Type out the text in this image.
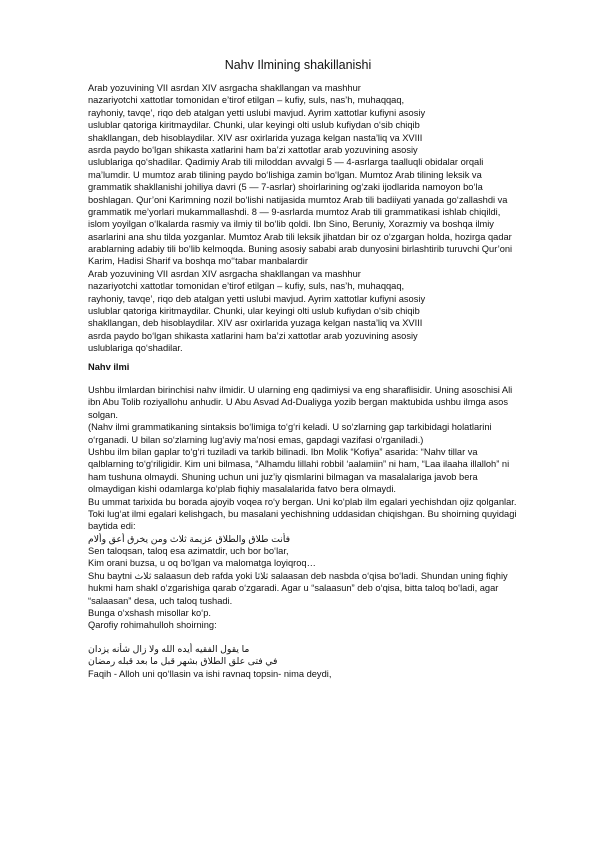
Nahv Ilmining shakillanishi
Arab yozuvining VII asrdan XIV asrgacha shakllangan va mashhur
nazariyotchi xattotlar tomonidan e’tirof etilgan – kufiy, suls, nas’h, muhaqqaq,
rayhoniy, tavqe’, riqo deb atalgan yetti uslubi mavjud. Ayrim xattotlar kufiyni asosiy
uslublar qatoriga kiritmaydilar. Chunki, ular keyingi olti uslub kufiydan o‘sib chiqib
shakllangan, deb hisoblaydilar. XIV asr oxirlarida yuzaga kelgan nasta’liq va XVIII
asrda paydo bo‘lgan shikasta xatlarini ham ba’zi xattotlar arab yozuvining asosiy
uslublariga qo‘shadilar. Qadimiy Arab tili miloddan avvalgi 5 — 4-asrlarga taalluqli obidalar orqali
ma’lumdir. U mumtoz arab tilining paydo bo‘lishiga zamin bo‘lgan. Mumtoz Arab tilining leksik va
grammatik shakllanishi johiliya davri (5 — 7-asrlar) shoirlarining og‘zaki ijodlarida namoyon bo‘la
boshlagan. Qur’oni Karimning nozil bo‘lishi natijasida mumtoz Arab tili badiiyati yanada go‘zallashdi va
grammatik me’yorlari mukammallashdi. 8 — 9-asrlarda mumtoz Arab tili grammatikasi ishlab chiqildi,
islom yoyilgan o‘lkalarda rasmiy va ilmiy til bo‘lib qoldi. Ibn Sino, Beruniy, Xorazmiy va boshqa ilmiy
asarlarini ana shu tilda yozganlar. Mumtoz Arab tili leksik jihatdan bir oz o‘zgargan holda, hozirga qadar
arablarning adabiy tili bo‘lib kelmoqda. Buning asosiy sababi arab dunyosini birlashtirib turuvchi Qur’oni
Karim, Hadisi Sharif va boshqa mo‘‘tabar manbalardir
Arab yozuvining VII asrdan XIV asrgacha shakllangan va mashhur
nazariyotchi xattotlar tomonidan e’tirof etilgan – kufiy, suls, nas’h, muhaqqaq,
rayhoniy, tavqe’, riqo deb atalgan yetti uslubi mavjud. Ayrim xattotlar kufiyni asosiy
uslublar qatoriga kiritmaydilar. Chunki, ular keyingi olti uslub kufiydan o‘sib chiqib
shakllangan, deb hisoblaydilar. XIV asr oxirlarida yuzaga kelgan nasta’liq va XVIII
asrda paydo bo‘lgan shikasta xatlarini ham ba’zi xattotlar arab yozuvining asosiy
uslublariga qo‘shadilar.
Nahv ilmi
Ushbu ilmlardan birinchisi nahv ilmidir. U ularning eng qadimiysi va eng sharaflisidir. Uning asoschisi Ali
ibn Abu Tolib roziyallohu anhudir. U Abu Asvad Ad-Dualiyga yozib bergan maktubida ushbu ilmga asos
solgan.
(Nahv ilmi grammatikaning sintaksis bo‘limiga to‘g‘ri keladi. U so‘zlarning gap tarkibidagi holatlarini
o‘rganadi. U bilan so‘zlarning lug‘aviy ma’nosi emas, gapdagi vazifasi o‘rganiladi.)
Ushbu ilm bilan gaplar to‘g‘ri tuziladi va tarkib bilinadi. Ibn Molik “Kofiya” asarida: “Nahv tillar va
qalblarning to‘g‘riligidir. Kim uni bilmasa, “Alhamdu lillahi robbil ‘aalamiin” ni ham, “Laa ilaaha illalloh” ni
ham tushuna olmaydi. Shuning uchun uni juz’iy qismlarini bilmagan va masalalariga javob bera
olmaydigan kishi odamlarga ko‘plab fiqhiy masalalarida fatvo bera olmaydi.
Bu ummat tarixida bu borada ajoyib voqea ro‘y bergan. Uni ko‘plab ilm egalari yechishdan ojiz qolganlar.
Toki lug‘at ilmi egalari kelishgach, bu masalani yechishning uddasidan chiqishgan. Bu shoirning quyidagi
baytida edi:
فأنت طلاق والطلاق عزيمة ثلاث ومن يخرق أعق وألام
Sen taloqsan, taloq esa azimatdir, uch bor bo‘lar,
Kim orani buzsa, u oq bo‘lgan va malomatga loyiqroq…
Shu baytni ثلاث salaasun deb rafda yoki ثلاثا salaasan deb nasbda o‘qisa bo‘ladi. Shundan uning fiqhiy
hukmi ham shakl o‘zgarishiga qarab o‘zgaradi. Agar u “salaasun” deb o‘qisa, bitta taloq bo‘ladi, agar
“salaasan” desa, uch taloq tushadi.
Bunga o‘xshash misollar ko‘p.
Qarofiy rohimahulloh shoirning:
ما يقول الفقيه أيده الله ولا زال شأنه يزدان
في فتى علق الطلاق بشهر قبل ما بعد قبله رمضان
Faqih - Alloh uni qo‘llasin va ishi ravnaq topsin- nima deydi,
